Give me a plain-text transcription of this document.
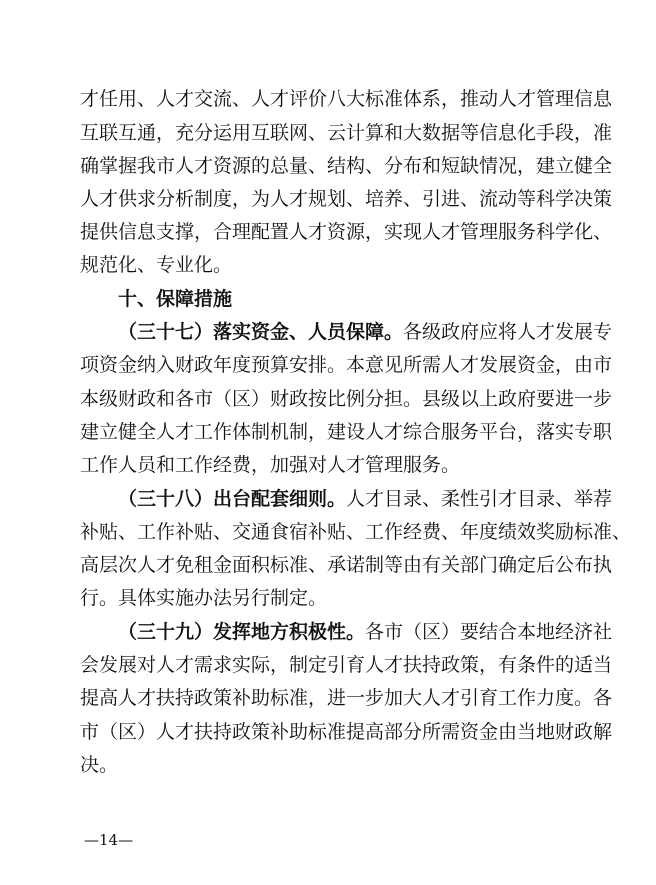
才任用、人才交流、人才评价八大标准体系，推动人才管理信息
互联互通，充分运用互联网、云计算和大数据等信息化手段，准
确掌握我市人才资源的总量、结构、分布和短缺情况，建立健全
人才供求分析制度，为人才规划、培养、引进、流动等科学决策
提供信息支撑，合理配置人才资源，实现人才管理服务科学化、
规范化、专业化。
十、保障措施
（三十七）落实资金、人员保障。各级政府应将人才发展专
项资金纳入财政年度预算安排。本意见所需人才发展资金，由市
本级财政和各市（区）财政按比例分担。县级以上政府要进一步
建立健全人才工作体制机制，建设人才综合服务平台，落实专职
工作人员和工作经费，加强对人才管理服务。
（三十八）出台配套细则。人才目录、柔性引才目录、举荐
补贴、工作补贴、交通食宿补贴、工作经费、年度绩效奖励标准、
高层次人才免租金面积标准、承诺制等由有关部门确定后公布执
行。具体实施办法另行制定。
（三十九）发挥地方积极性。各市（区）要结合本地经济社
会发展对人才需求实际，制定引育人才扶持政策，有条件的适当
提高人才扶持政策补助标准，进一步加大人才引育工作力度。各
市（区）人才扶持政策补助标准提高部分所需资金由当地财政解
决。
—14—
